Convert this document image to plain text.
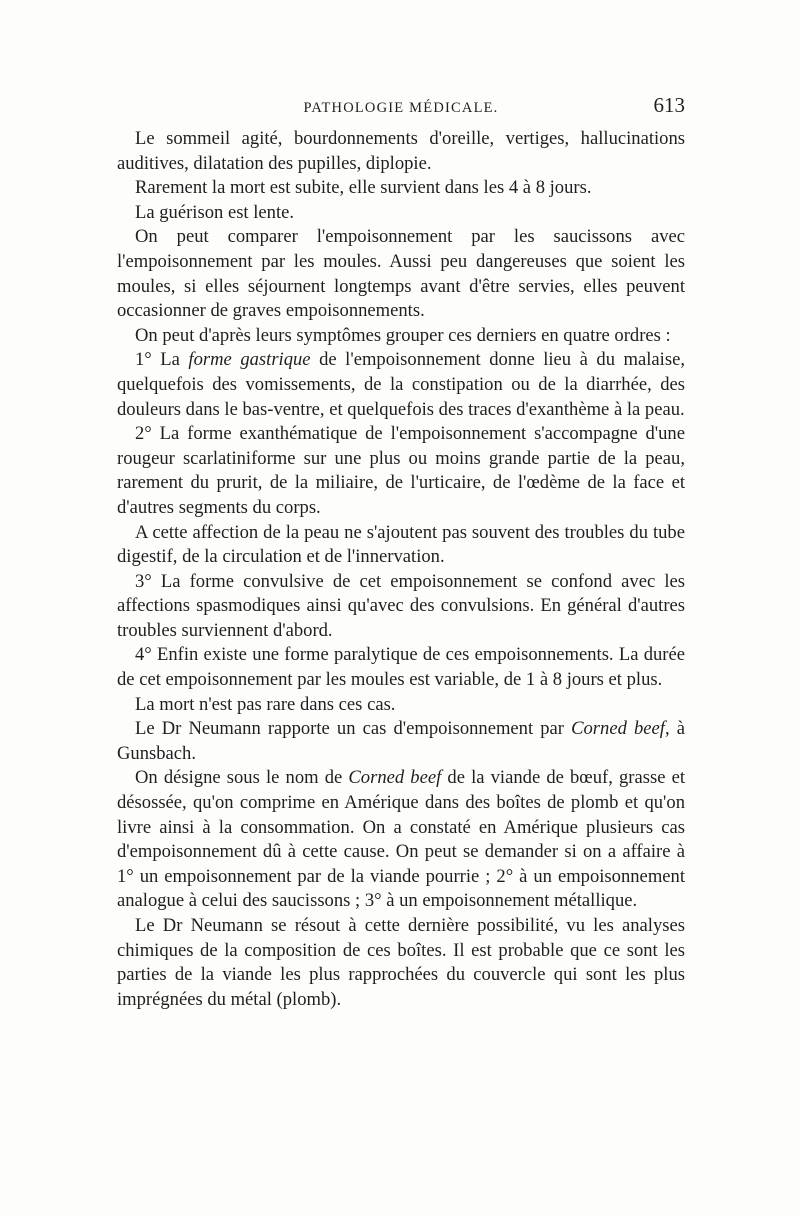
PATHOLOGIE MÉDICALE.	613

Le sommeil agité, bourdonnements d'oreille, vertiges, hallucinations auditives, dilatation des pupilles, diplopie.

Rarement la mort est subite, elle survient dans les 4 à 8 jours.

La guérison est lente.

On peut comparer l'empoisonnement par les saucissons avec l'empoisonnement par les moules. Aussi peu dangereuses que soient les moules, si elles séjournent longtemps avant d'être servies, elles peuvent occasionner de graves empoisonnements.

On peut d'après leurs symptômes grouper ces derniers en quatre ordres :

1° La forme gastrique de l'empoisonnement donne lieu à du malaise, quelquefois des vomissements, de la constipation ou de la diarrhée, des douleurs dans le bas-ventre, et quelquefois des traces d'exanthème à la peau.

2° La forme exanthématique de l'empoisonnement s'accompagne d'une rougeur scarlatiniforme sur une plus ou moins grande partie de la peau, rarement du prurit, de la miliaire, de l'urticaire, de l'œdème de la face et d'autres segments du corps.

A cette affection de la peau ne s'ajoutent pas souvent des troubles du tube digestif, de la circulation et de l'innervation.

3° La forme convulsive de cet empoisonnement se confond avec les affections spasmodiques ainsi qu'avec des convulsions. En général d'autres troubles surviennent d'abord.

4° Enfin existe une forme paralytique de ces empoisonnements. La durée de cet empoisonnement par les moules est variable, de 1 à 8 jours et plus.

La mort n'est pas rare dans ces cas.

Le Dr Neumann rapporte un cas d'empoisonnement par Corned beef, à Gunsbach.

On désigne sous le nom de Corned beef de la viande de bœuf, grasse et désossée, qu'on comprime en Amérique dans des boîtes de plomb et qu'on livre ainsi à la consommation. On a constaté en Amérique plusieurs cas d'empoisonnement dû à cette cause. On peut se demander si on a affaire à 1° un empoisonnement par de la viande pourrie ; 2° à un empoisonnement analogue à celui des saucissons ; 3° à un empoisonnement métallique.

Le Dr Neumann se résout à cette dernière possibilité, vu les analyses chimiques de la composition de ces boîtes. Il est probable que ce sont les parties de la viande les plus rapprochées du couvercle qui sont les plus imprégnées du métal (plomb).
